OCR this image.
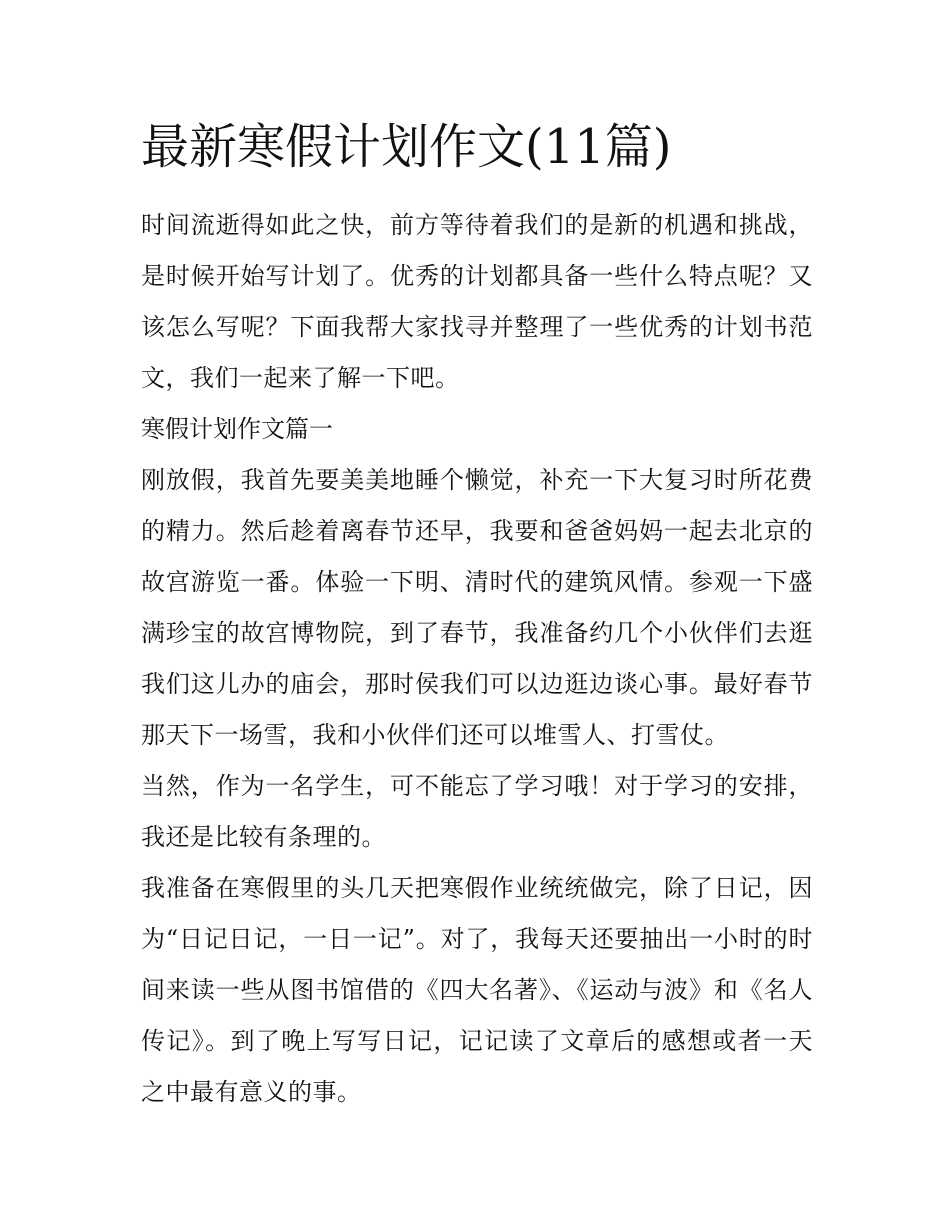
最新寒假计划作文(11篇)

时间流逝得如此之快，前方等待着我们的是新的机遇和挑战，是时候开始写计划了。优秀的计划都具备一些什么特点呢？又该怎么写呢？下面我帮大家找寻并整理了一些优秀的计划书范文，我们一起来了解一下吧。

寒假计划作文篇一

刚放假，我首先要美美地睡个懒觉，补充一下大复习时所花费的精力。然后趁着离春节还早，我要和爸爸妈妈一起去北京的故宫游览一番。体验一下明、清时代的建筑风情。参观一下盛满珍宝的故宫博物院，到了春节，我准备约几个小伙伴们去逛我们这儿办的庙会，那时侯我们可以边逛边谈心事。最好春节那天下一场雪，我和小伙伴们还可以堆雪人、打雪仗。

当然，作为一名学生，可不能忘了学习哦！对于学习的安排，我还是比较有条理的。

我准备在寒假里的头几天把寒假作业统统做完，除了日记，因为“日记日记，一日一记”。对了，我每天还要抽出一小时的时间来读一些从图书馆借的《四大名著》、《运动与波》和《名人传记》。到了晚上写写日记，记记读了文章后的感想或者一天之中最有意义的事。
